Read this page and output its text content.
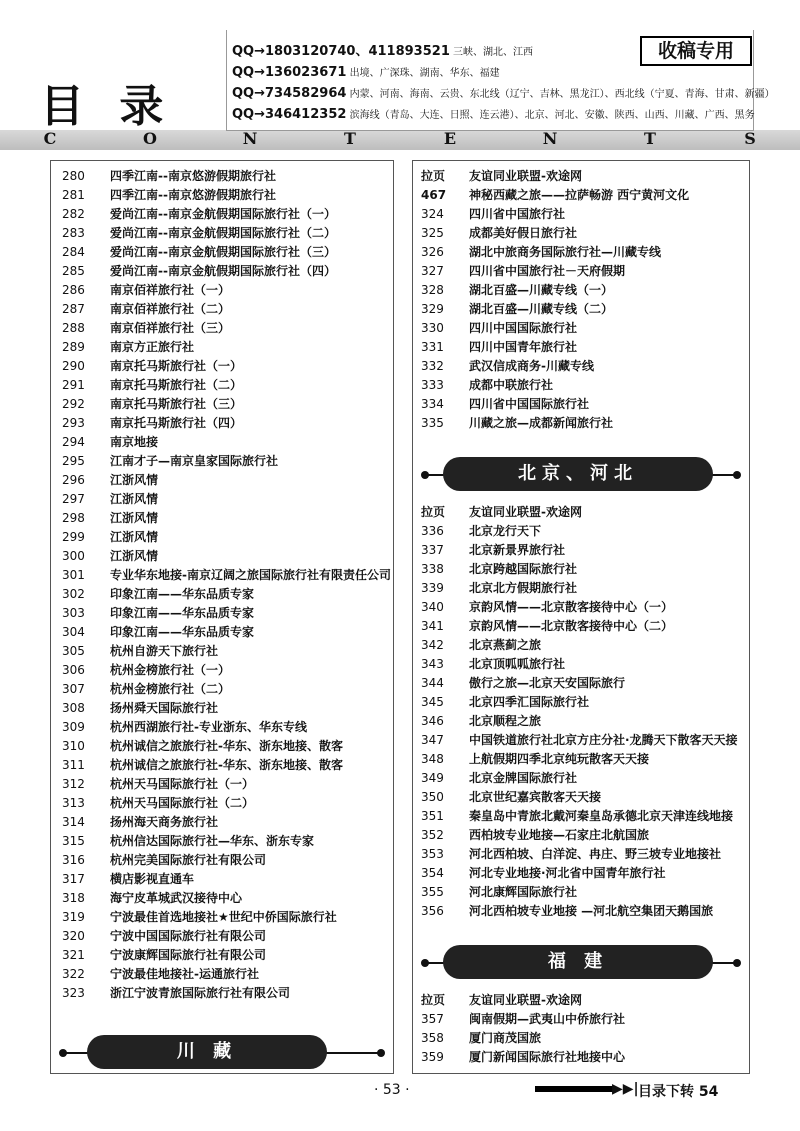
目 录
收稿专用
QQ→1803120740、411893521 三峡、湖北、江西
QQ→136023671 出境、广深珠、湖南、华东、福建
QQ→734582964 内蒙、河南、海南、云贵、东北线（辽宁、吉林、黑龙江）、西北线（宁夏、青海、甘肃、新疆）
QQ→346412352 滨海线（青岛、大连、日照、连云港）、北京、河北、安徽、陕西、山西、川藏、广西、黑务
C	O	N	T	E	N	T	S
280 四季江南--南京悠游假期旅行社
281 四季江南--南京悠游假期旅行社
282 爱尚江南--南京金航假期国际旅行社（一）
283 爱尚江南--南京金航假期国际旅行社（二）
284 爱尚江南--南京金航假期国际旅行社（三）
285 爱尚江南--南京金航假期国际旅行社（四）
286 南京佰祥旅行社（一）
287 南京佰祥旅行社（二）
288 南京佰祥旅行社（三）
289 南京方正旅行社
290 南京托马斯旅行社（一）
291 南京托马斯旅行社（二）
292 南京托马斯旅行社（三）
293 南京托马斯旅行社（四）
294 南京地接
295 江南才子—南京皇家国际旅行社
296 江浙风情
297 江浙风情
298 江浙风情
299 江浙风情
300 江浙风情
301 专业华东地接-南京辽阔之旅国际旅行社有限责任公司
302 印象江南——华东品质专家
303 印象江南——华东品质专家
304 印象江南——华东品质专家
305 杭州自游天下旅行社
306 杭州金榜旅行社（一）
307 杭州金榜旅行社（二）
308 扬州舜天国际旅行社
309 杭州西湖旅行社-专业浙东、华东专线
310 杭州诚信之旅旅行社-华东、浙东地接、散客
311 杭州诚信之旅旅行社-华东、浙东地接、散客
312 杭州天马国际旅行社（一）
313 杭州天马国际旅行社（二）
314 扬州海天商务旅行社
315 杭州信达国际旅行社—华东、浙东专家
316 杭州完美国际旅行社有限公司
317 横店影视直通车
318 海宁皮革城武汉接待中心
319 宁波最佳首选地接社★世纪中侨国际旅行社
320 宁波中国国际旅行社有限公司
321 宁波康辉国际旅行社有限公司
322 宁波最佳地接社-运通旅行社
323 浙江宁波青旅国际旅行社有限公司
川 藏
拉页 友谊同业联盟-欢途网
467 神秘西藏之旅——拉萨畅游 西宁黄河文化
324 四川省中国旅行社
325 成都美好假日旅行社
326 湖北中旅商务国际旅行社—川藏专线
327 四川省中国旅行社－天府假期
328 湖北百盛—川藏专线（一）
329 湖北百盛—川藏专线（二）
330 四川中国国际旅行社
331 四川中国青年旅行社
332 武汉信成商务-川藏专线
333 成都中联旅行社
334 四川省中国国际旅行社
335 川藏之旅—成都新闻旅行社
北京、河北
拉页 友谊同业联盟-欢途网
336 北京龙行天下
337 北京新景界旅行社
338 北京跨越国际旅行社
339 北京北方假期旅行社
340 京韵风情——北京散客接待中心（一）
341 京韵风情——北京散客接待中心（二）
342 北京燕蓟之旅
343 北京顶呱呱旅行社
344 傲行之旅—北京天安国际旅行
345 北京四季汇国际旅行社
346 北京顺程之旅
347 中国铁道旅行社北京方庄分社·龙腾天下散客天天接
348 上航假期四季北京纯玩散客天天接
349 北京金牌国际旅行社
350 北京世纪嘉宾散客天天接
351 秦皇岛中青旅北戴河秦皇岛承德北京天津连线地接
352 西柏坡专业地接—石家庄北航国旅
353 河北西柏坡、白洋淀、冉庄、野三坡专业地接社
354 河北专业地接·河北省中国青年旅行社
355 河北康辉国际旅行社
356 河北西柏坡专业地接 —河北航空集团天鹅国旅
福 建
拉页 友谊同业联盟-欢途网
357 闽南假期—武夷山中侨旅行社
358 厦门商茂国旅
359 厦门新闻国际旅行社地接中心
· 53 ·	▶▶| 目录下转 54
